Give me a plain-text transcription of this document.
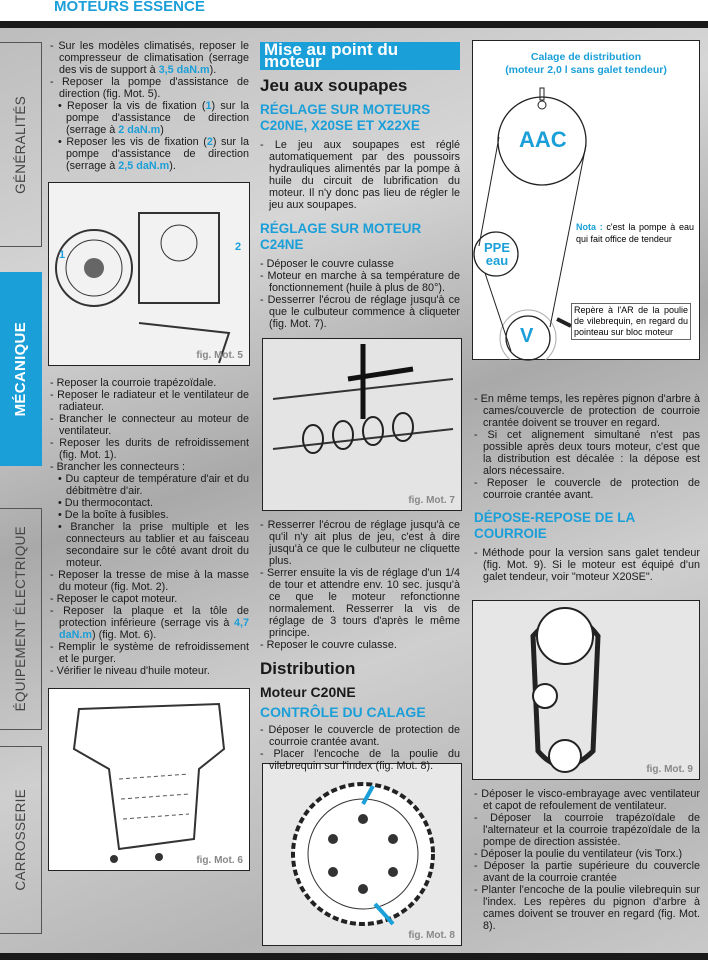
MOTEURS ESSENCE
GÉNÉRALITÉS
MÉCANIQUE
ÉQUIPEMENT ÉLECTRIQUE
CARROSSERIE

- Sur les modèles climatisés, reposer le compresseur de climatisation (serrage des vis de support à 3,5 daN.m).

- Reposer la pompe d'assistance de direction (fig. Mot. 5).

• Reposer la vis de fixation (1) sur la pompe d'assistance de direction (serrage à 2 daN.m)

• Reposer les vis de fixation (2) sur la pompe d'assistance de direction (serrage à 2,5 daN.m).

1
2
fig. Mot. 5

- Reposer la courroie trapézoïdale.

- Reposer le radiateur et le ventilateur de radiateur.

- Brancher le connecteur au moteur de ventilateur.

- Reposer les durits de refroidissement (fig. Mot. 1).

- Brancher les connecteurs :

• Du capteur de température d'air et du débitmètre d'air.

• Du thermocontact.

• De la boîte à fusibles.

• Brancher la prise multiple et les connecteurs au tablier et au faisceau secondaire sur le côté avant droit du moteur.

- Reposer la tresse de mise à la masse du moteur (fig. Mot. 2).

- Reposer le capot moteur.

- Reposer la plaque et la tôle de protection inférieure (serrage vis à 4,7 daN.m) (fig. Mot. 6).

- Remplir le système de refroidissement et le purger.

- Vérifier le niveau d'huile moteur.

fig. Mot. 6
Mise au point du moteur
Jeu aux soupapes
RÉGLAGE SUR MOTEURS C20NE, X20SE ET X22XE

- Le jeu aux soupapes est réglé automatiquement par des poussoirs hydrauliques alimentés par la pompe à huile du circuit de lubrification du moteur. Il n'y donc pas lieu de régler le jeu aux soupapes.

RÉGLAGE SUR MOTEUR C24NE

- Déposer le couvre culasse

- Moteur en marche à sa température de fonctionnement (huile à plus de 80°).

- Desserrer l'écrou de réglage jusqu'à ce que le culbuteur commence à cliqueter (fig. Mot. 7).

fig. Mot. 7

- Resserrer l'écrou de réglage jusqu'à ce qu'il n'y ait plus de jeu, c'est à dire jusqu'à ce que le culbuteur ne cliquette plus.

- Serrer ensuite la vis de réglage d'un 1/4 de tour et attendre env. 10 sec. jusqu'à ce que le moteur refonctionne normalement. Resserrer la vis de réglage de 3 tours d'après le même principe.

- Reposer le couvre culasse.

Distribution
Moteur C20NE
CONTRÔLE DU CALAGE

- Déposer le couvercle de protection de courroie crantée avant.

- Placer l'encoche de la poulie du vilebrequin sur l'index (fig. Mot. 8).

fig. Mot. 8
Calage de distribution
(moteur 2,0 l sans galet tendeur)
AAC
PPE
eau
V
Nota : c'est la pompe à eau qui fait office de tendeur
Repère à l'AR de la poulie de vilebrequin, en regard du pointeau sur bloc moteur

- En même temps, les repères pignon d'arbre à cames/couvercle de protection de courroie crantée doivent se trouver en regard.

- Si cet alignement simultané n'est pas possible après deux tours moteur, c'est que la distribution est décalée : la dépose est alors nécessaire.

- Reposer le couvercle de protection de courroie crantée avant.

DÉPOSE-REPOSE DE LA COURROIE

- Méthode pour la version sans galet tendeur (fig. Mot. 9). Si le moteur est équipé d'un galet tendeur, voir "moteur X20SE".

fig. Mot. 9

- Déposer le visco-embrayage avec ventilateur et capot de refoulement de ventilateur.

- Déposer la courroie trapézoïdale de l'alternateur et la courroie trapézoïdale de la pompe de direction assistée.

- Déposer la poulie du ventilateur (vis Torx.)

- Déposer la partie supérieure du couvercle avant de la courroie crantée

- Planter l'encoche de la poulie vilebrequin sur l'index. Les repères du pignon d'arbre à cames doivent se trouver en regard (fig. Mot. 8).
